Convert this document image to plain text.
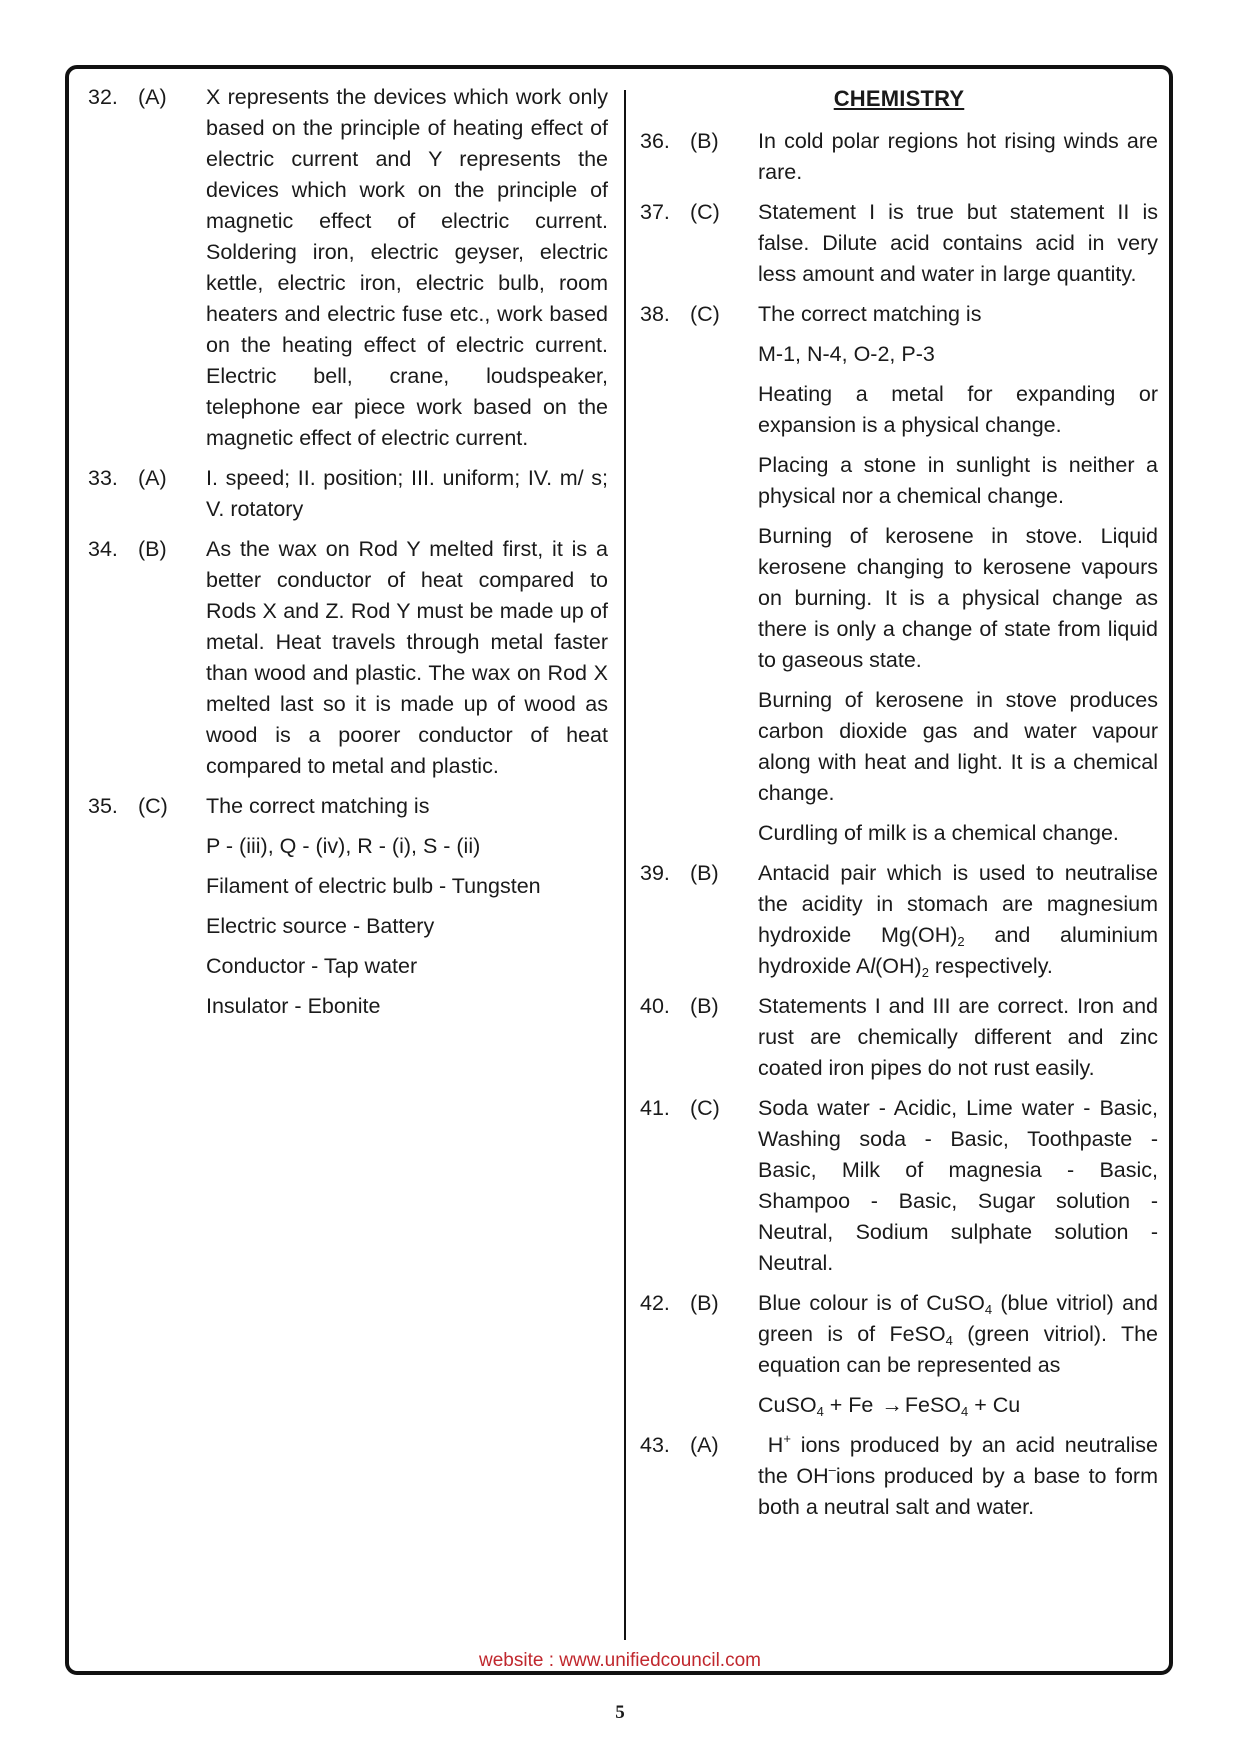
32. (A)	X represents the devices which work only based on the principle of heating effect of electric current and Y represents the devices which work on the principle of magnetic effect of electric current. Soldering iron, electric geyser, electric kettle, electric iron, electric bulb, room heaters and electric fuse etc., work based on the heating effect of electric current. Electric bell, crane, loudspeaker, telephone ear piece work based on the magnetic effect of electric current.
33. (A)	I. speed; II. position; III. uniform; IV. m/ s; V. rotatory
34. (B)	As the wax on Rod Y melted first, it is a better conductor of heat compared to Rods X and Z. Rod Y must be made up of metal. Heat travels through metal faster than wood and plastic. The wax on Rod X melted last so it is made up of wood as wood is a poorer conductor of heat compared to metal and plastic.
35. (C)	The correct matching is
P - (iii), Q - (iv), R - (i), S - (ii)
Filament of electric bulb - Tungsten
Electric source - Battery
Conductor - Tap water
Insulator - Ebonite
CHEMISTRY
36. (B)	In cold polar regions hot rising winds are rare.
37. (C)	Statement I is true but statement II is false. Dilute acid contains acid in very less amount and water in large quantity.
38. (C)	The correct matching is
M-1, N-4, O-2, P-3
Heating a metal for expanding or expansion is a physical change.
Placing a stone in sunlight is neither a physical nor a chemical change.
Burning of kerosene in stove. Liquid kerosene changing to kerosene vapours on burning. It is a physical change as there is only a change of state from liquid to gaseous state.
Burning of kerosene in stove produces carbon dioxide gas and water vapour along with heat and light. It is a chemical change.
Curdling of milk is a chemical change.
39. (B)	Antacid pair which is used to neutralise the acidity in stomach are magnesium hydroxide $Mg(OH)_2$ and aluminium hydroxide $Al(OH)_2$ respectively.
40. (B)	Statements I and III are correct. Iron and rust are chemically different and zinc coated iron pipes do not rust easily.
41. (C)	Soda water - Acidic, Lime water - Basic, Washing soda - Basic, Toothpaste - Basic, Milk of magnesia - Basic, Shampoo - Basic, Sugar solution - Neutral, Sodium sulphate solution - Neutral.
42. (B)	Blue colour is of CuSO$_4$ (blue vitriol) and green is of FeSO$_4$ (green vitriol). The equation can be represented as
CuSO$_4$ + Fe →FeSO$_4$ + Cu
43. (A)	H+ ions produced by an acid neutralise the OH–ions produced by a base to form both a neutral salt and water.
website : www.unifiedcouncil.com
5
